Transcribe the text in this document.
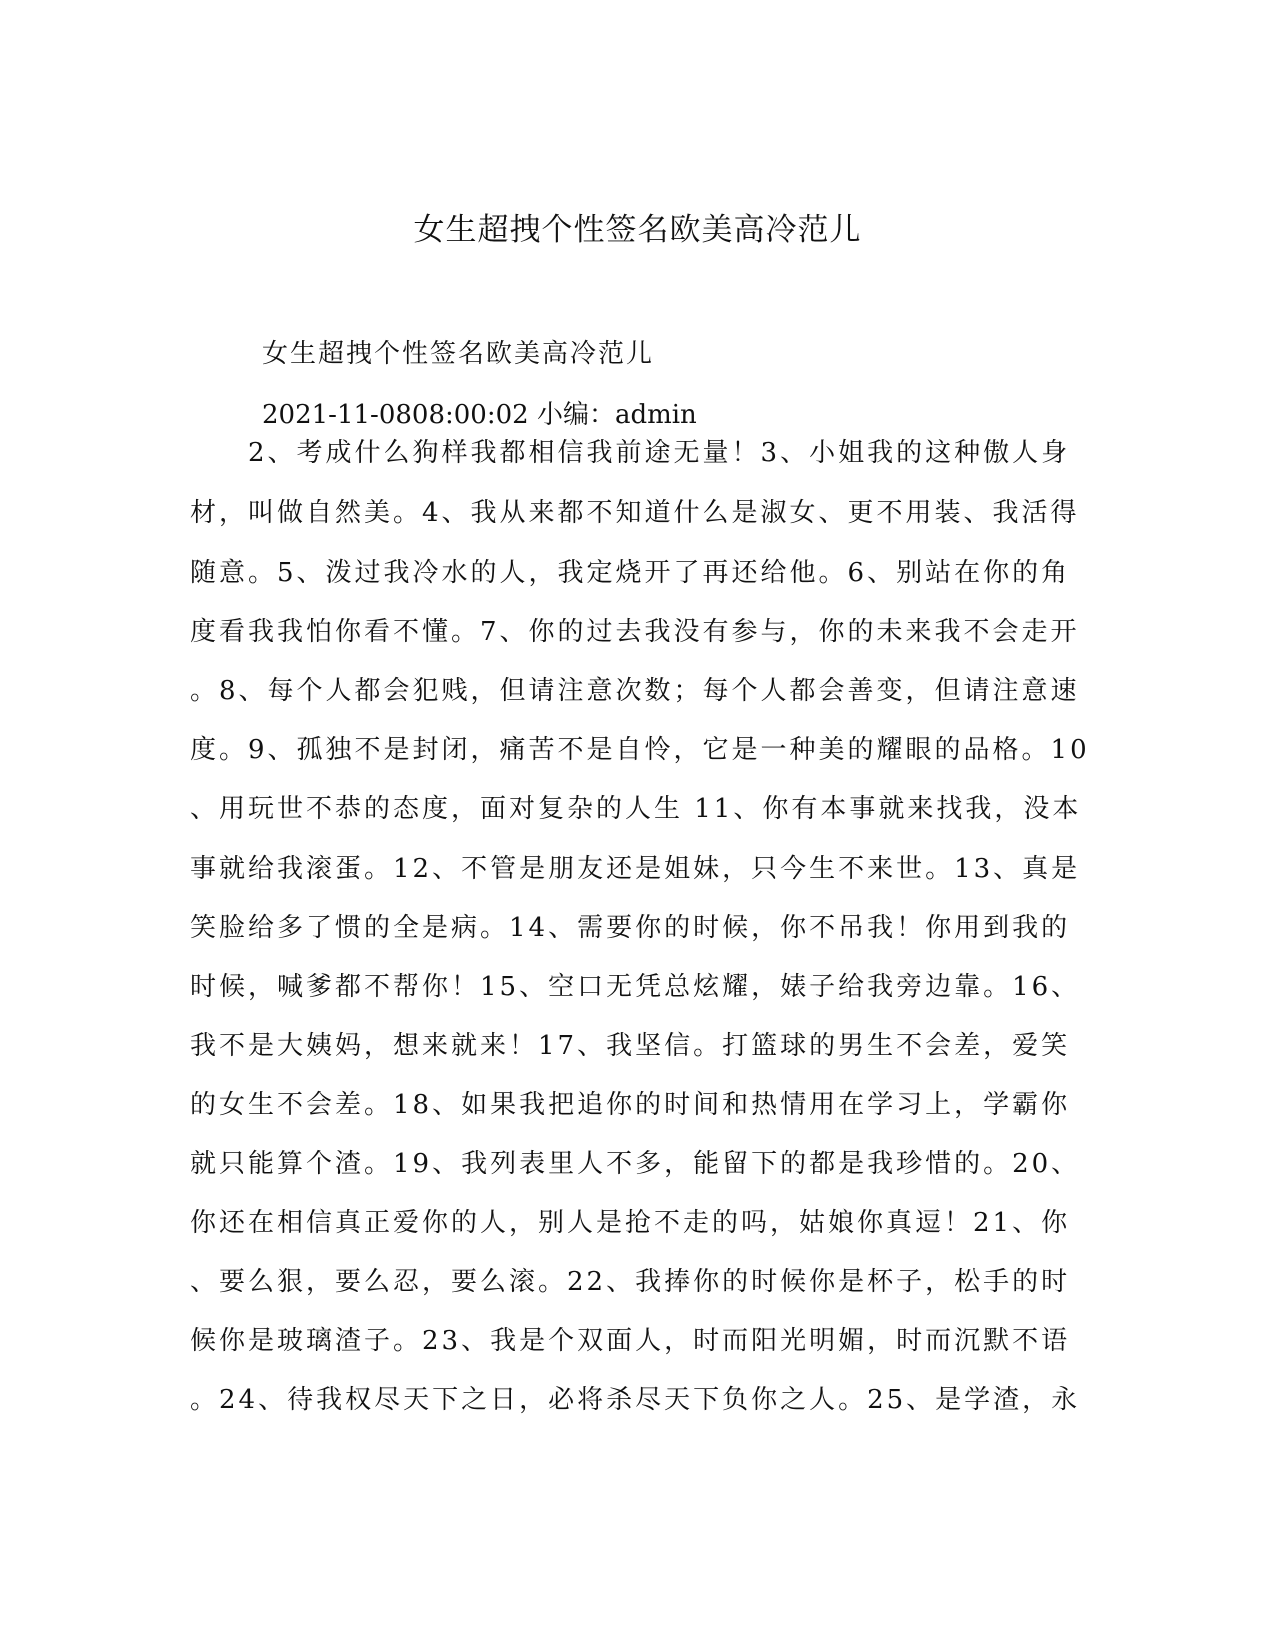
女生超拽个性签名欧美高冷范儿

女生超拽个性签名欧美高冷范儿

2021-11-0808:00:02 小编：admin

　　2、考成什么狗样我都相信我前途无量！3、小姐我的这种傲人身
材，叫做自然美。4、我从来都不知道什么是淑女、更不用装、我活得
随意。5、泼过我冷水的人，我定烧开了再还给他。6、别站在你的角
度看我我怕你看不懂。7、你的过去我没有参与，你的未来我不会走开
。8、每个人都会犯贱，但请注意次数；每个人都会善变，但请注意速
度。9、孤独不是封闭，痛苦不是自怜，它是一种美的耀眼的品格。10
、用玩世不恭的态度，面对复杂的人生 11、你有本事就来找我，没本
事就给我滚蛋。12、不管是朋友还是姐妹，只今生不来世。13、真是
笑脸给多了惯的全是病。14、需要你的时候，你不吊我！你用到我的
时候，喊爹都不帮你！15、空口无凭总炫耀，婊子给我旁边靠。16、
我不是大姨妈，想来就来！17、我坚信。打篮球的男生不会差，爱笑
的女生不会差。18、如果我把追你的时间和热情用在学习上，学霸你
就只能算个渣。19、我列表里人不多，能留下的都是我珍惜的。20、
你还在相信真正爱你的人，别人是抢不走的吗，姑娘你真逗！21、你
、要么狠，要么忍，要么滚。22、我捧你的时候你是杯子，松手的时
候你是玻璃渣子。23、我是个双面人，时而阳光明媚，时而沉默不语
。24、待我权尽天下之日，必将杀尽天下负你之人。25、是学渣，永
